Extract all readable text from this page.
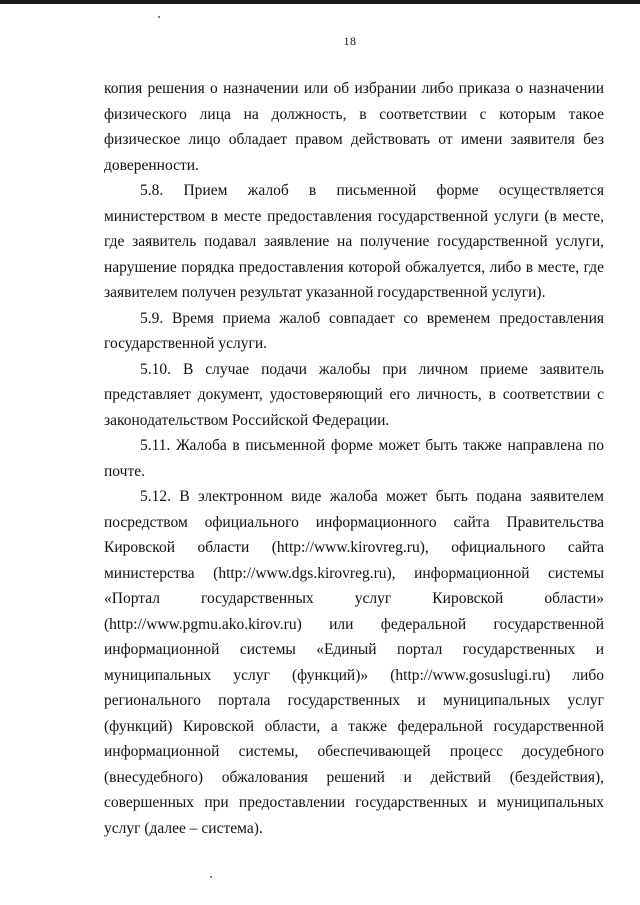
18

копия решения о назначении или об избрании либо приказа о назначении физического лица на должность, в соответствии с которым такое физическое лицо обладает правом действовать от имени заявителя без доверенности.

5.8. Прием жалоб в письменной форме осуществляется министерством в месте предоставления государственной услуги (в месте, где заявитель подавал заявление на получение государственной услуги, нарушение порядка предоставления которой обжалуется, либо в месте, где заявителем получен результат указанной государственной услуги).

5.9. Время приема жалоб совпадает со временем предоставления государственной услуги.

5.10. В случае подачи жалобы при личном приеме заявитель представляет документ, удостоверяющий его личность, в соответствии с законодательством Российской Федерации.

5.11. Жалоба в письменной форме может быть также направлена по почте.

5.12. В электронном виде жалоба может быть подана заявителем посредством официального информационного сайта Правительства Кировской области (http://www.kirovreg.ru), официального сайта министерства (http://www.dgs.kirovreg.ru), информационной системы «Портал государственных услуг Кировской области» (http://www.pgmu.ako.kirov.ru) или федеральной государственной информационной системы «Единый портал государственных и муниципальных услуг (функций)» (http://www.gosuslugi.ru) либо регионального портала государственных и муниципальных услуг (функций) Кировской области, а также федеральной государственной информационной системы, обеспечивающей процесс досудебного (внесудебного) обжалования решений и действий (бездействия), совершенных при предоставлении государственных и муниципальных услуг (далее – система).
